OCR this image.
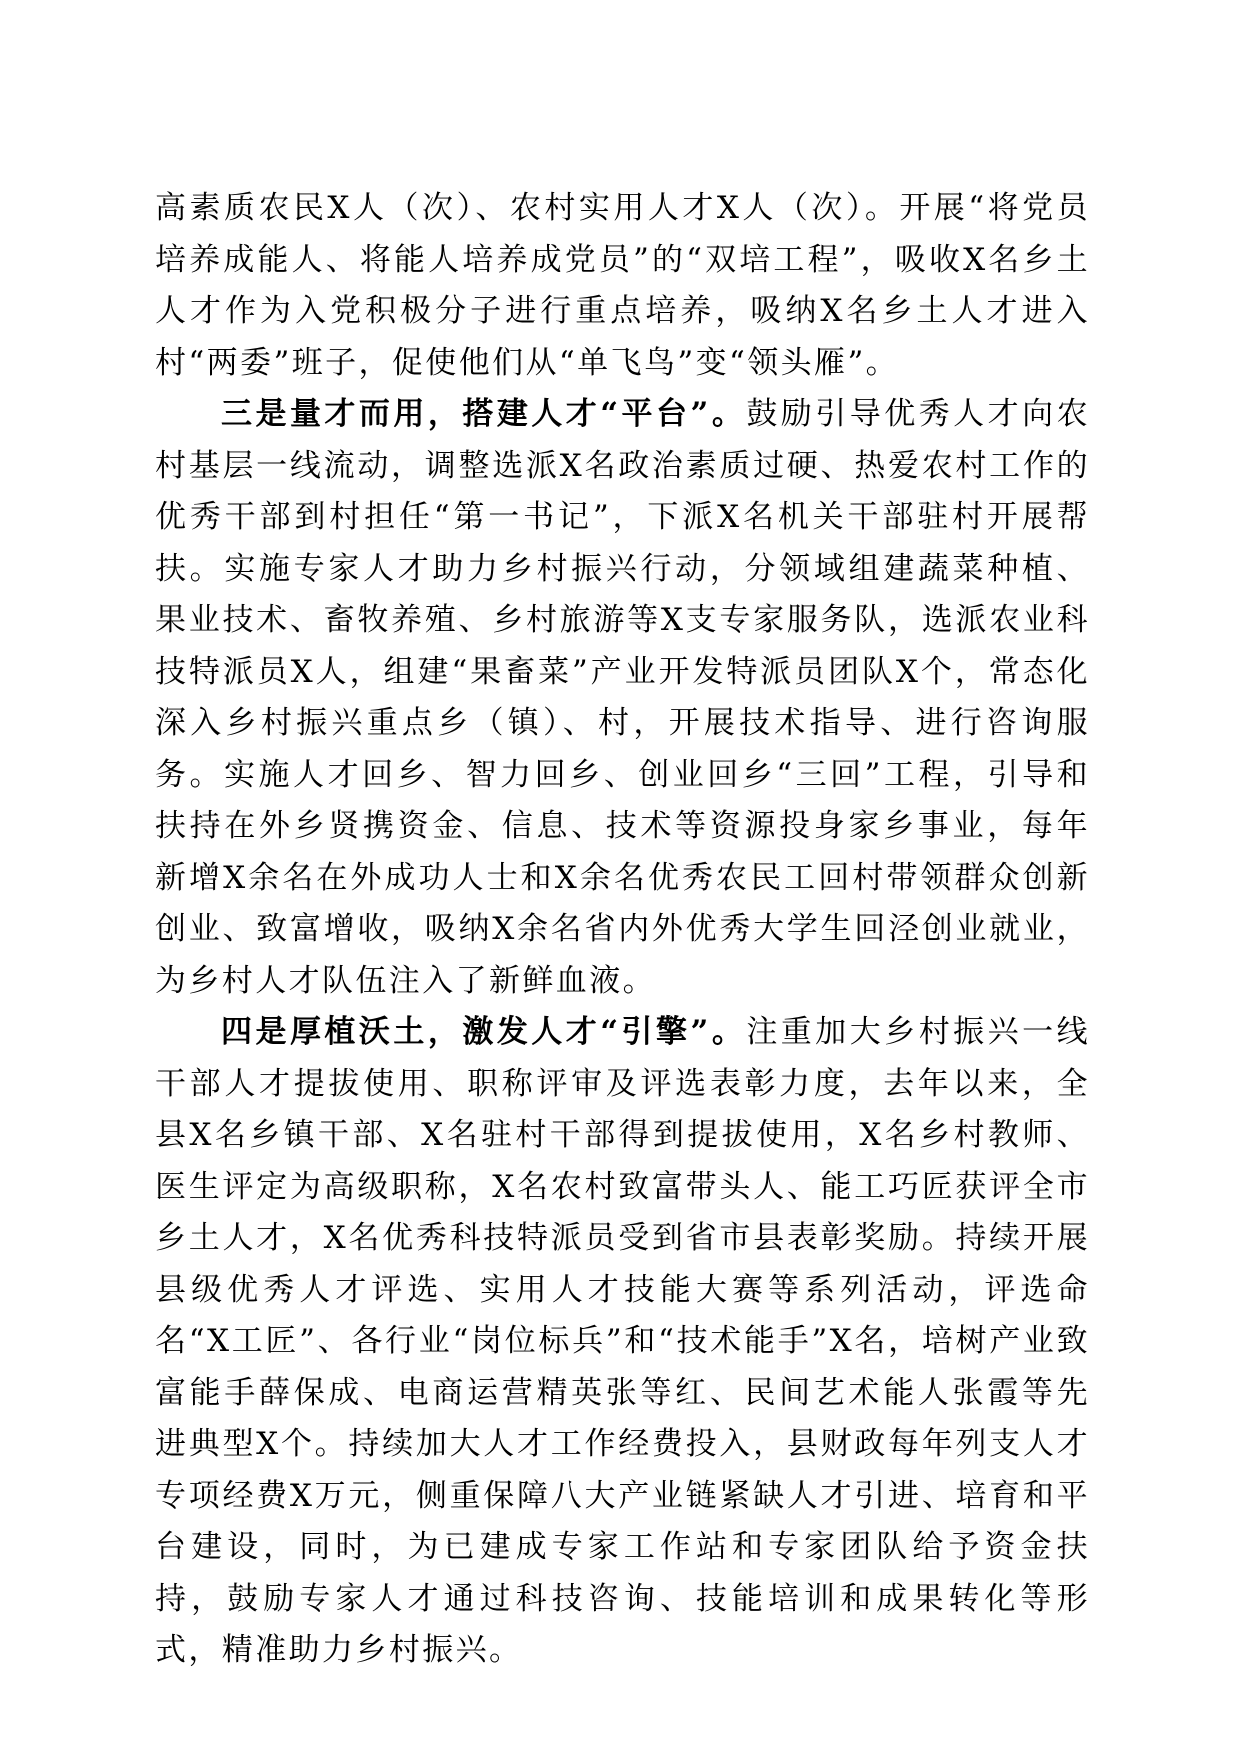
高素质农民X人（次）、农村实用人才X人（次）。开展“将党员培养成能人、将能人培养成党员”的“双培工程”，吸收X名乡土人才作为入党积极分子进行重点培养，吸纳X名乡土人才进入村“两委”班子，促使他们从“单飞鸟”变“领头雁”。

三是量才而用，搭建人才“平台”。鼓励引导优秀人才向农村基层一线流动，调整选派X名政治素质过硬、热爱农村工作的优秀干部到村担任“第一书记”，下派X名机关干部驻村开展帮扶。实施专家人才助力乡村振兴行动，分领域组建蔬菜种植、果业技术、畜牧养殖、乡村旅游等X支专家服务队，选派农业科技特派员X人，组建“果畜菜”产业开发特派员团队X个，常态化深入乡村振兴重点乡（镇）、村，开展技术指导、进行咨询服务。实施人才回乡、智力回乡、创业回乡“三回”工程，引导和扶持在外乡贤携资金、信息、技术等资源投身家乡事业，每年新增X余名在外成功人士和X余名优秀农民工回村带领群众创新创业、致富增收，吸纳X余名省内外优秀大学生回泾创业就业，为乡村人才队伍注入了新鲜血液。

四是厚植沃土，激发人才“引擎”。注重加大乡村振兴一线干部人才提拔使用、职称评审及评选表彰力度，去年以来，全县X名乡镇干部、X名驻村干部得到提拔使用，X名乡村教师、医生评定为高级职称，X名农村致富带头人、能工巧匠获评全市乡土人才，X名优秀科技特派员受到省市县表彰奖励。持续开展县级优秀人才评选、实用人才技能大赛等系列活动，评选命名“X工匠”、各行业“岗位标兵”和“技术能手”X名，培树产业致富能手薛保成、电商运营精英张等红、民间艺术能人张霞等先进典型X个。持续加大人才工作经费投入，县财政每年列支人才专项经费X万元，侧重保障八大产业链紧缺人才引进、培育和平台建设，同时，为已建成专家工作站和专家团队给予资金扶持，鼓励专家人才通过科技咨询、技能培训和成果转化等形式，精准助力乡村振兴。
